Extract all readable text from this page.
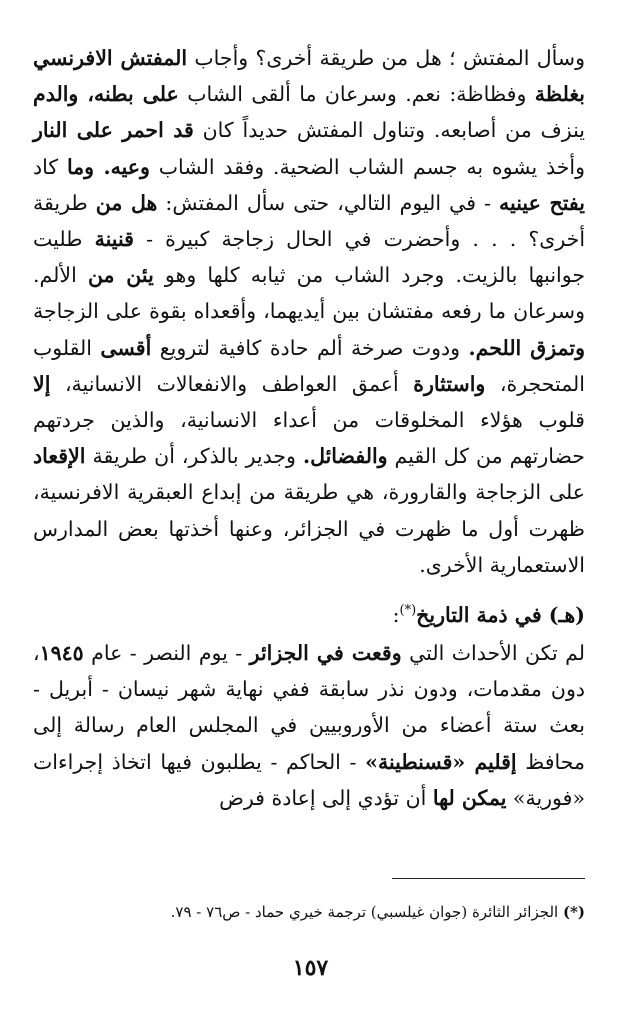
وسأل المفتش ؛ هل من طريقة أخرى؟ وأجاب المفتش الافرنسي بغلظة وفظاظة: نعم. وسرعان ما ألقى الشاب على بطنه، والدم ينزف من أصابعه. وتناول المفتش حديداً كان قد احمر على النار وأخذ يشوه به جسم الشاب الضحية. وفقد الشاب وعيه. وما كاد يفتح عينيه - في اليوم التالي، حتى سأل المفتش: هل من طريقة أخرى؟ . . . وأحضرت في الحال زجاجة كبيرة - قنينة طليت جوانبها بالزيت. وجرد الشاب من ثيابه كلها وهو يئن من الألم. وسرعان ما رفعه مفتشان بين أيديهما، وأقعداه بقوة على الزجاجة وتمزق اللحم. ودوت صرخة ألم حادة كافية لترويع أقسى القلوب المتحجرة، واستثارة أعمق العواطف والانفعالات الانسانية، إلا قلوب هؤلاء المخلوقات من أعداء الانسانية، والذين جردتهم حضارتهم من كل القيم والفضائل. وجدير بالذكر، أن طريقة الإقعاد على الزجاجة والقارورة، هي طريقة من إبداع العبقرية الافرنسية، ظهرت أول ما ظهرت في الجزائر، وعنها أخذتها بعض المدارس الاستعمارية الأخرى.

(هـ) في ذمة التاريخ(*):

لم تكن الأحداث التي وقعت في الجزائر - يوم النصر - عام ١٩٤٥، دون مقدمات، ودون نذر سابقة ففي نهاية شهر نيسان - أبريل - بعث ستة أعضاء من الأوروبيين في المجلس العام رسالة إلى محافظ إقليم «قسنطينة» - الحاكم - يطلبون فيها اتخاذ إجراءات «فورية» يمكن لها أن تؤدي إلى إعادة فرض

(*) الجزائر الثائرة (جوان غيلسبي) ترجمة خيري حماد - ص٧٦ - ٧٩.
١٥٧
